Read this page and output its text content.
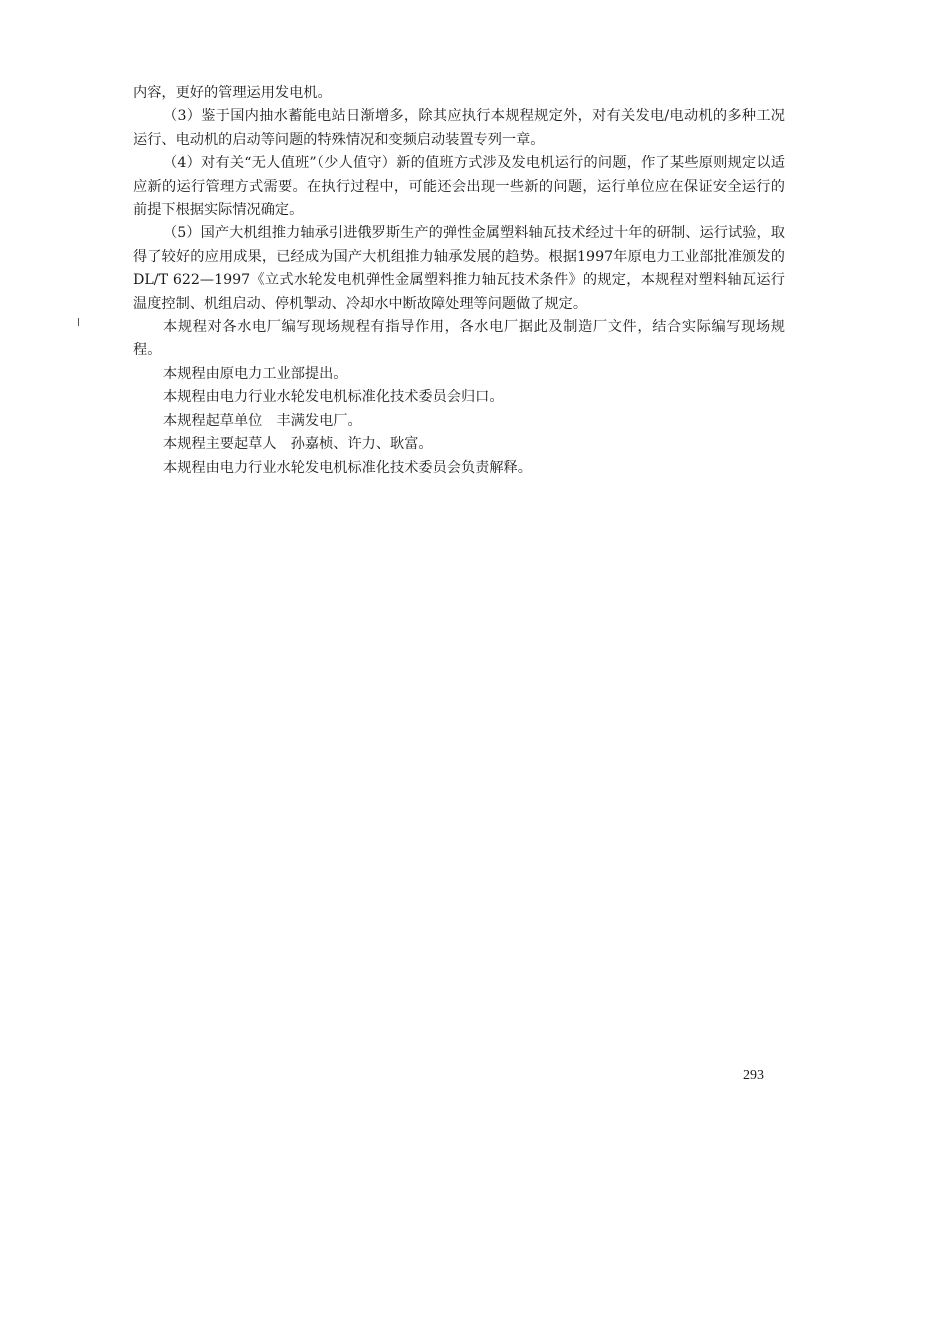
内容，更好的管理运用发电机。

（3）鉴于国内抽水蓄能电站日渐增多，除其应执行本规程规定外，对有关发电/电动机的多种工况运行、电动机的启动等问题的特殊情况和变频启动装置专列一章。

（4）对有关“无人值班”（少人值守）新的值班方式涉及发电机运行的问题，作了某些原则规定以适应新的运行管理方式需要。在执行过程中，可能还会出现一些新的问题，运行单位应在保证安全运行的前提下根据实际情况确定。

（5）国产大机组推力轴承引进俄罗斯生产的弹性金属塑料轴瓦技术经过十年的研制、运行试验，取得了较好的应用成果，已经成为国产大机组推力轴承发展的趋势。根据1997年原电力工业部批准颁发的DL/T 622—1997《立式水轮发电机弹性金属塑料推力轴瓦技术条件》的规定，本规程对塑料轴瓦运行温度控制、机组启动、停机掣动、冷却水中断故障处理等问题做了规定。

本规程对各水电厂编写现场规程有指导作用，各水电厂据此及制造厂文件，结合实际编写现场规程。

本规程由原电力工业部提出。

本规程由电力行业水轮发电机标准化技术委员会归口。

本规程起草单位　丰满发电厂。

本规程主要起草人　孙嘉桢、许力、耿富。

本规程由电力行业水轮发电机标准化技术委员会负责解释。

293
